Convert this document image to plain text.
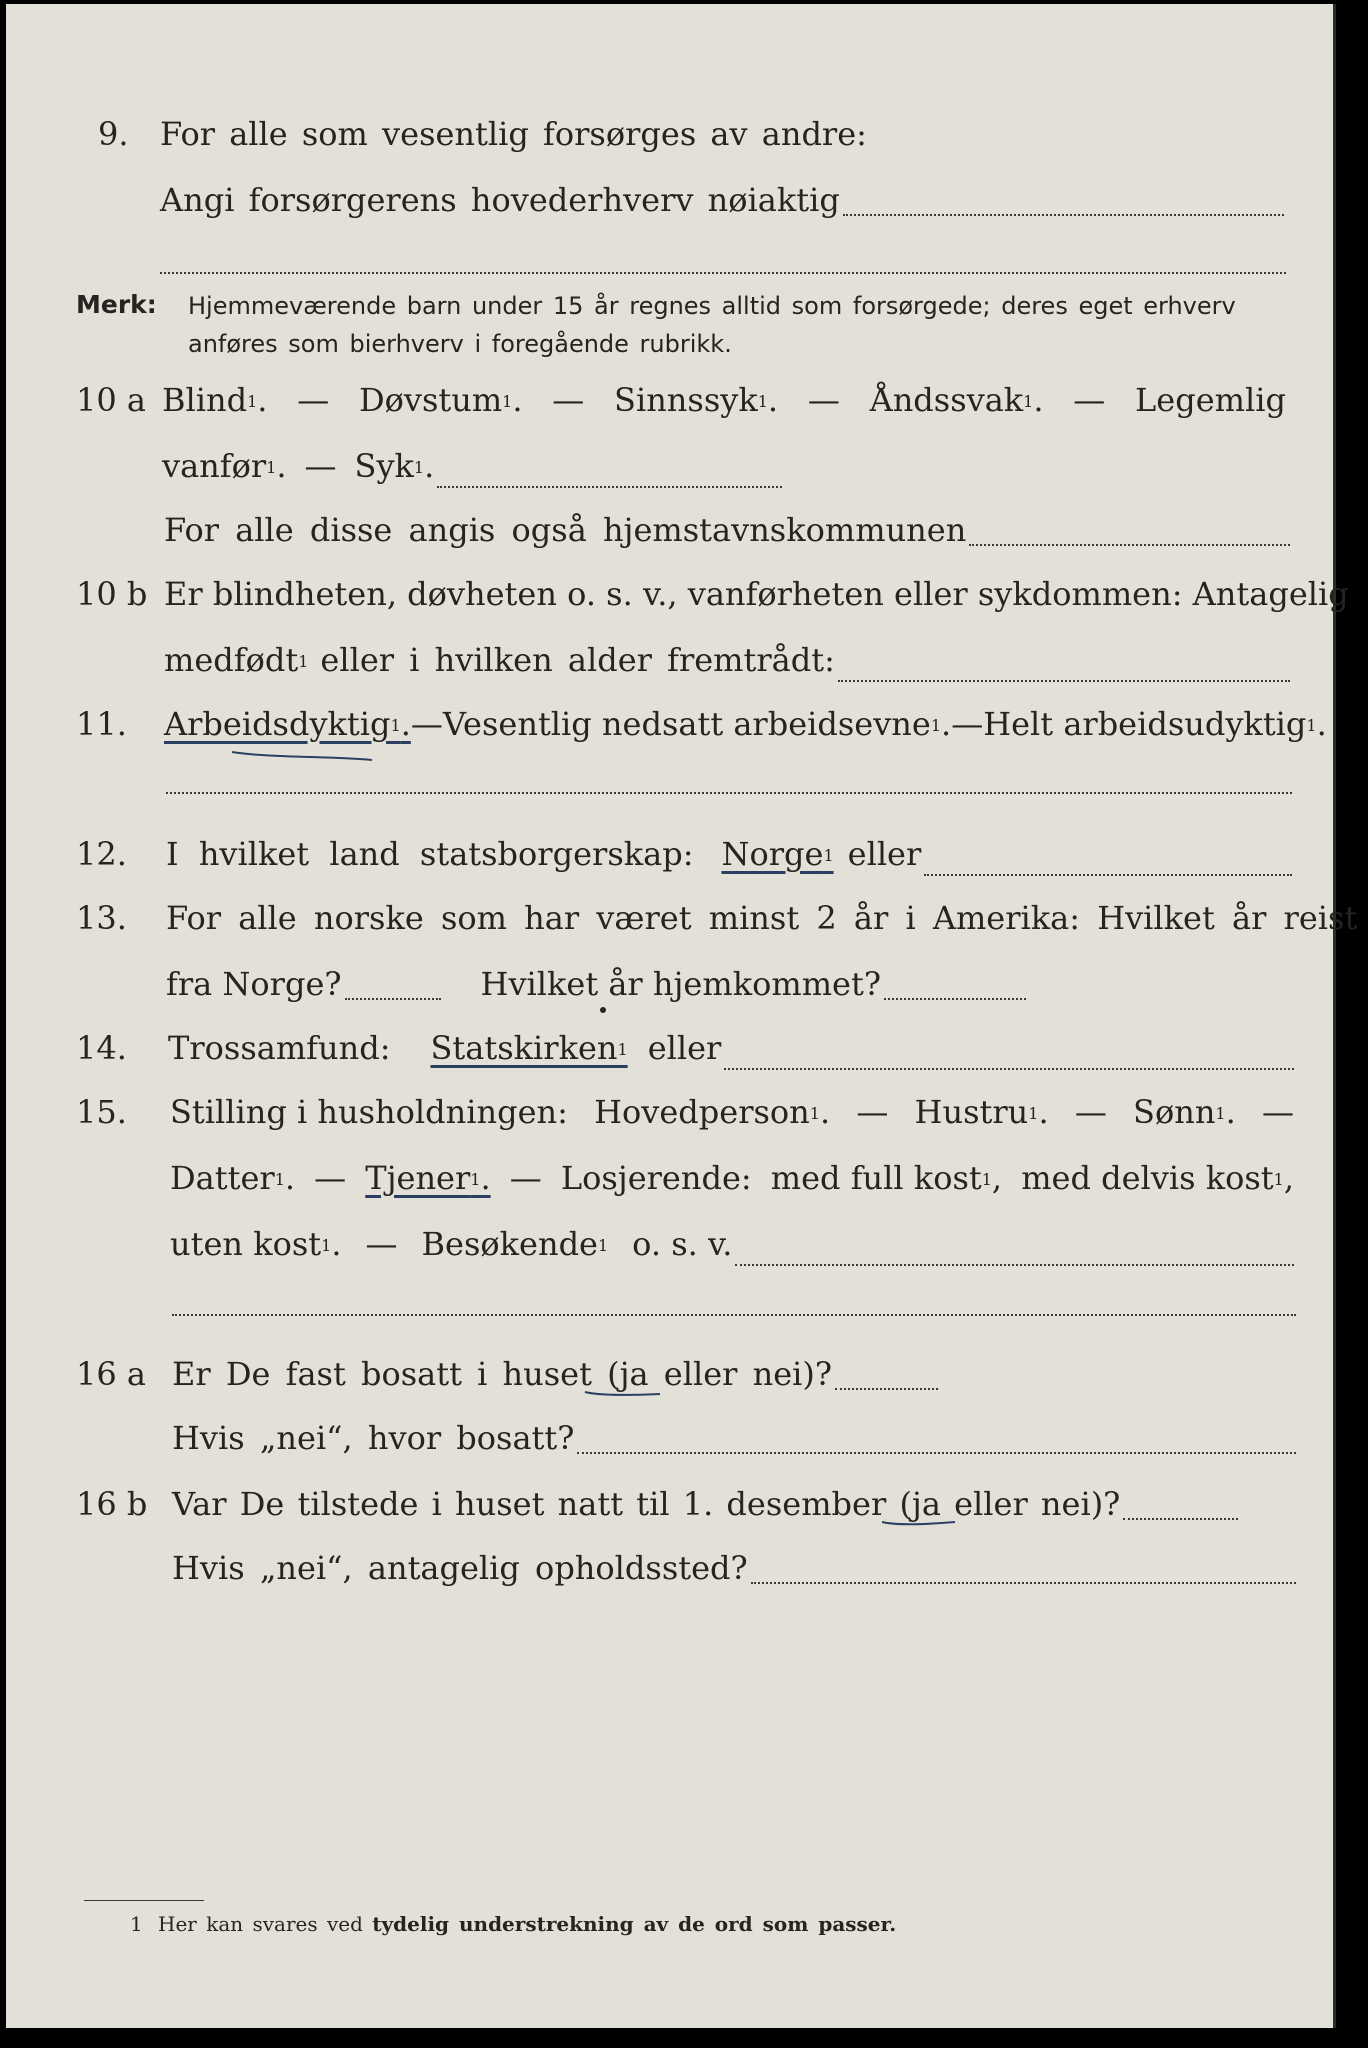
9. For alle som vesentlig forsørges av andre:
Angi forsørgerens hovederhverv nøiaktig
Merk: Hjemmeværende barn under 15 år regnes alltid som forsørgede; deres eget erhverv
anføres som bierhverv i foregående rubrikk.
10 a Blind$^1$. — Døvstum$^1$. — Sinnssyk$^1$. — Åndssvak$^1$. — Legemlig
vanfør$^1$. — Syk$^1$.
For alle disse angis også hjemstavnskommunen
10 b Er blindheten, døvheten o. s. v., vanførheten eller sykdommen: Antagelig
medfødt$^1$ eller i hvilken alder fremtrådt:
11. Arbeidsdyktig$^1$. — Vesentlig nedsatt arbeidsevne$^1$. — Helt arbeidsudyktig$^1$.
12. I hvilket land statsborgerskap: Norge$^1$ eller
13. For alle norske som har været minst 2 år i Amerika: Hvilket år reist
fra Norge?	Hvilket år hjemkommet?
14. Trossamfund: Statskirken$^1$ eller
15. Stilling i husholdningen: Hovedperson$^1$. — Hustru$^1$. — Sønn$^1$. —
Datter$^1$. — Tjener$^1$. — Losjerende: med full kost$^1$, med delvis kost$^1$,
uten kost$^1$. — Besøkende$^1$ o. s. v.
16 a Er De fast bosatt i huset (ja eller nei)?
Hvis „nei“, hvor bosatt?
16 b Var De tilstede i huset natt til 1. desember (ja eller nei)?
Hvis „nei“, antagelig opholdssted?
1 Her kan svares ved tydelig understrekning av de ord som passer.
